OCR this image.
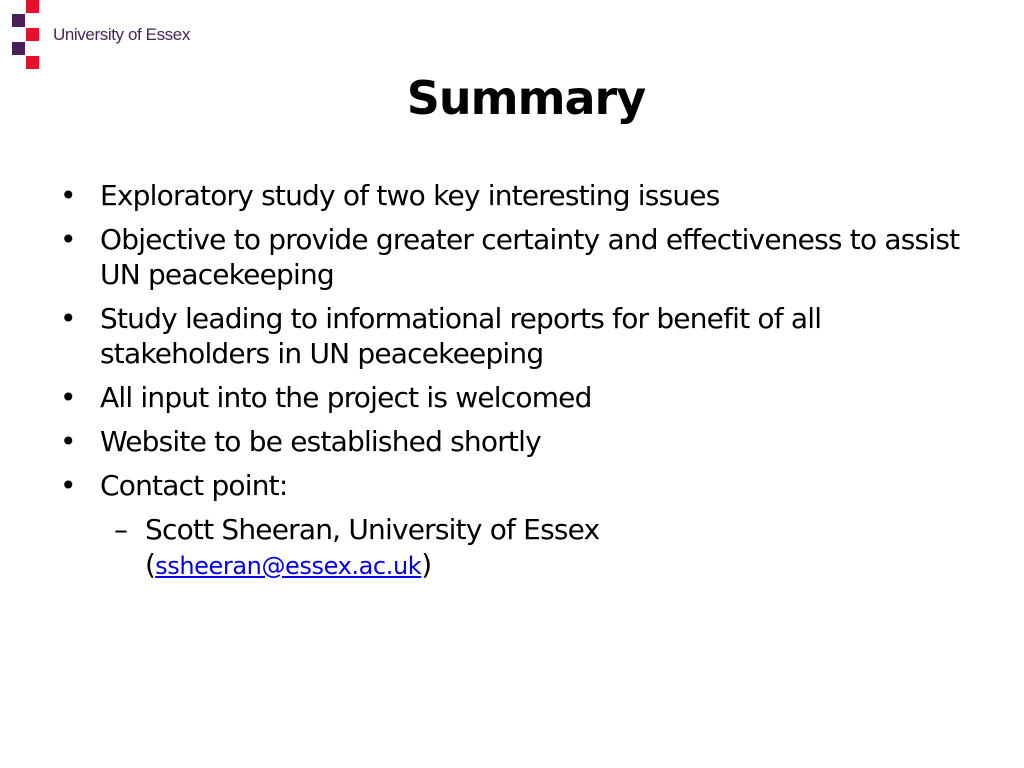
University of Essex
Summary
• Exploratory study of two key interesting issues
• Objective to provide greater certainty and effectiveness to assist UN peacekeeping
• Study leading to informational reports for benefit of all stakeholders in UN peacekeeping
• All input into the project is welcomed
• Website to be established shortly
• Contact point:
– Scott Sheeran, University of Essex
(ssheeran@essex.ac.uk)
